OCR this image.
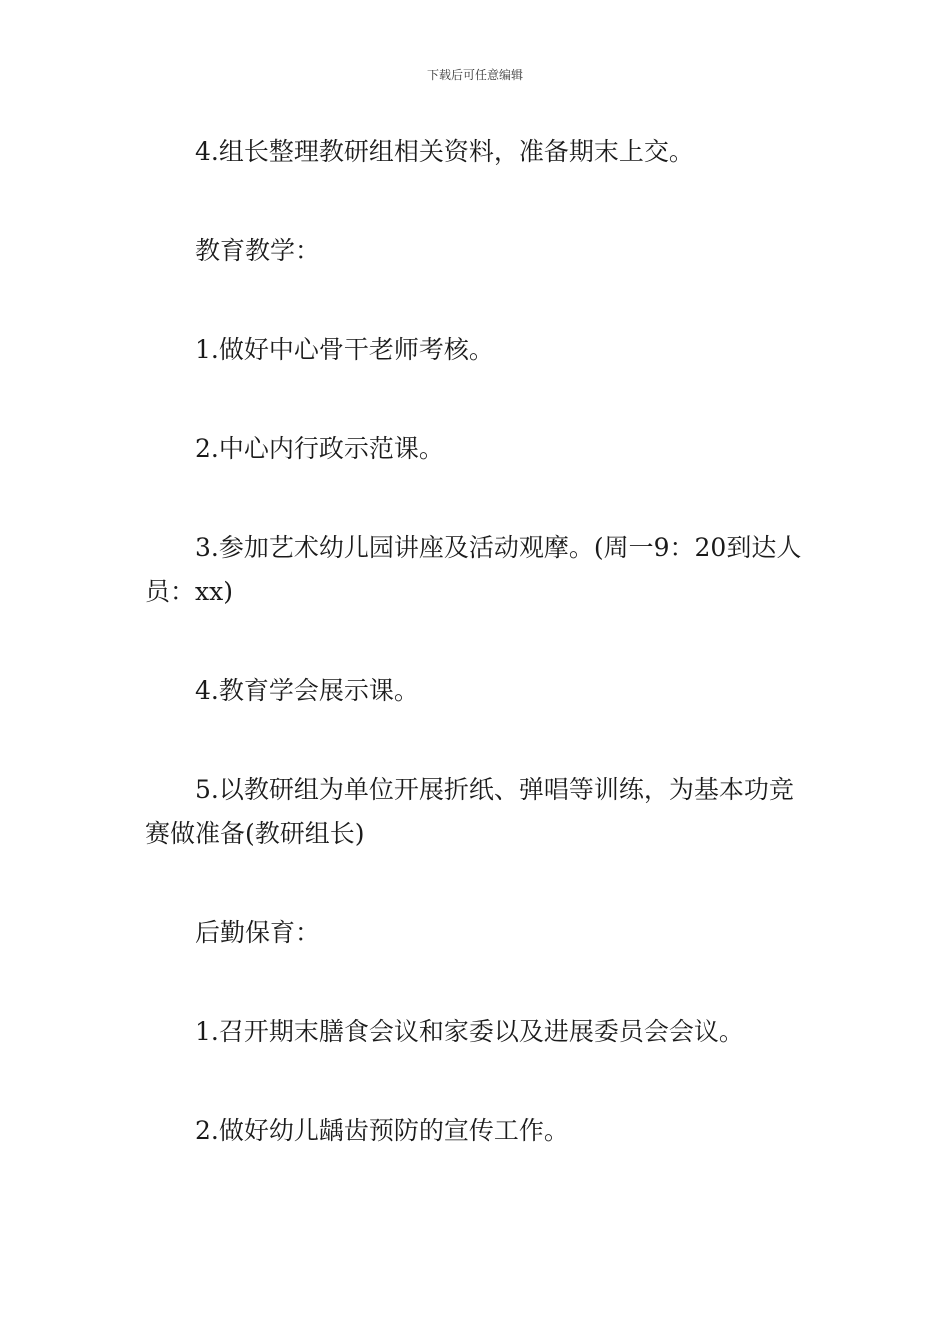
下载后可任意编辑

4.组长整理教研组相关资料，准备期末上交。

教育教学：

1.做好中心骨干老师考核。

2.中心内行政示范课。

3.参加艺术幼儿园讲座及活动观摩。(周一9：20到达人员：xx)

4.教育学会展示课。

5.以教研组为单位开展折纸、弹唱等训练，为基本功竞赛做准备(教研组长)

后勤保育：

1.召开期末膳食会议和家委以及进展委员会会议。

2.做好幼儿龋齿预防的宣传工作。
